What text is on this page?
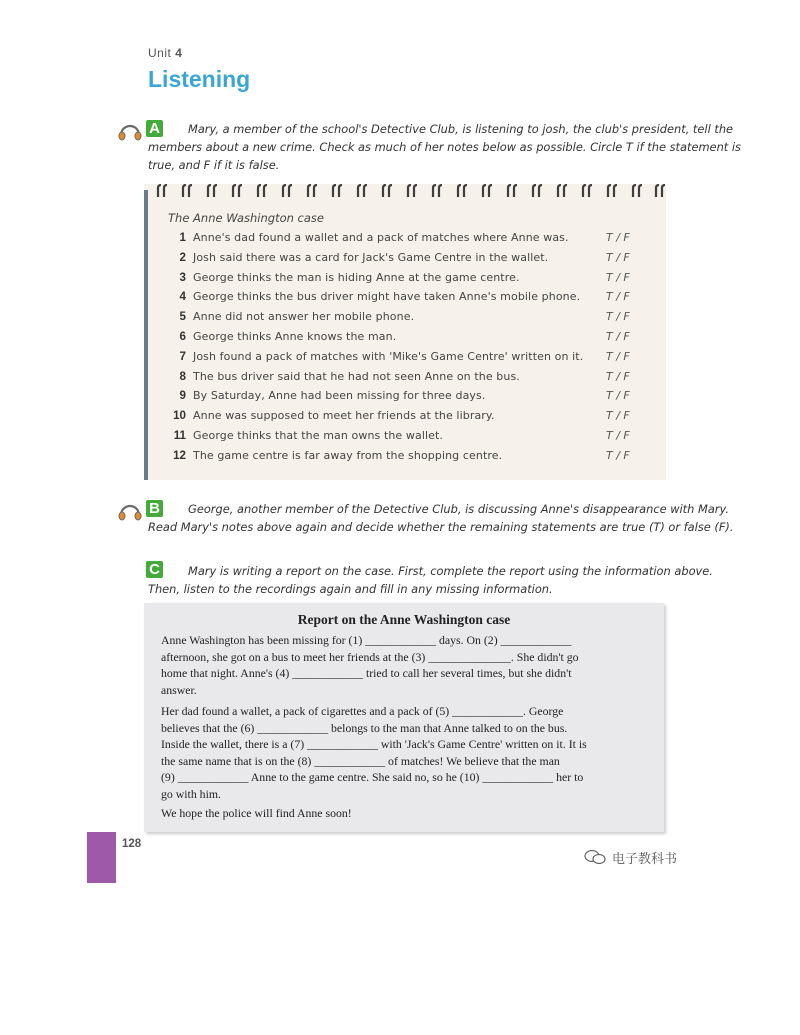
Unit 4
Listening
A Mary, a member of the school's Detective Club, is listening to josh, the club's president, tell the
members about a new crime. Check as much of her notes below as possible. Circle T if the statement is
true, and F if it is false.
The Anne Washington case
1 Anne's dad found a wallet and a pack of matches where Anne was.	T / F
2 Josh said there was a card for Jack's Game Centre in the wallet.	T / F
3 George thinks the man is hiding Anne at the game centre.	T / F
4 George thinks the bus driver might have taken Anne's mobile phone. T / F
5 Anne did not answer her mobile phone.	T / F
6 George thinks Anne knows the man.	T / F
7 Josh found a pack of matches with 'Mike's Game Centre' written on it. T / F
8 The bus driver said that he had not seen Anne on the bus.	T / F
9 By Saturday, Anne had been missing for three days.	T / F
10 Anne was supposed to meet her friends at the library.	T / F
11 George thinks that the man owns the wallet.	T / F
12 The game centre is far away from the shopping centre.	T / F
B George, another member of the Detective Club, is discussing Anne's disappearance with Mary.
Read Mary's notes above again and decide whether the remaining statements are true (T) or false (F).
C Mary is writing a report on the case. First, complete the report using the information above.
Then, listen to the recordings again and fill in any missing information.
Report on the Anne Washington case
Anne Washington has been missing for (1) ____________ days. On (2) ____________
afternoon, she got on a bus to meet her friends at the (3) ______________. She didn't go
home that night. Anne's (4) ____________ tried to call her several times, but she didn't
answer.
Her dad found a wallet, a pack of cigarettes and a pack of (5) ____________. George
believes that the (6) ____________ belongs to the man that Anne talked to on the bus.
Inside the wallet, there is a (7) ____________ with 'Jack's Game Centre' written on it. It is
the same name that is on the (8) ____________ of matches! We believe that the man
(9) ____________ Anne to the game centre. She said no, so he (10) ____________ her to
go with him.
We hope the police will find Anne soon!
128
电子教科书
